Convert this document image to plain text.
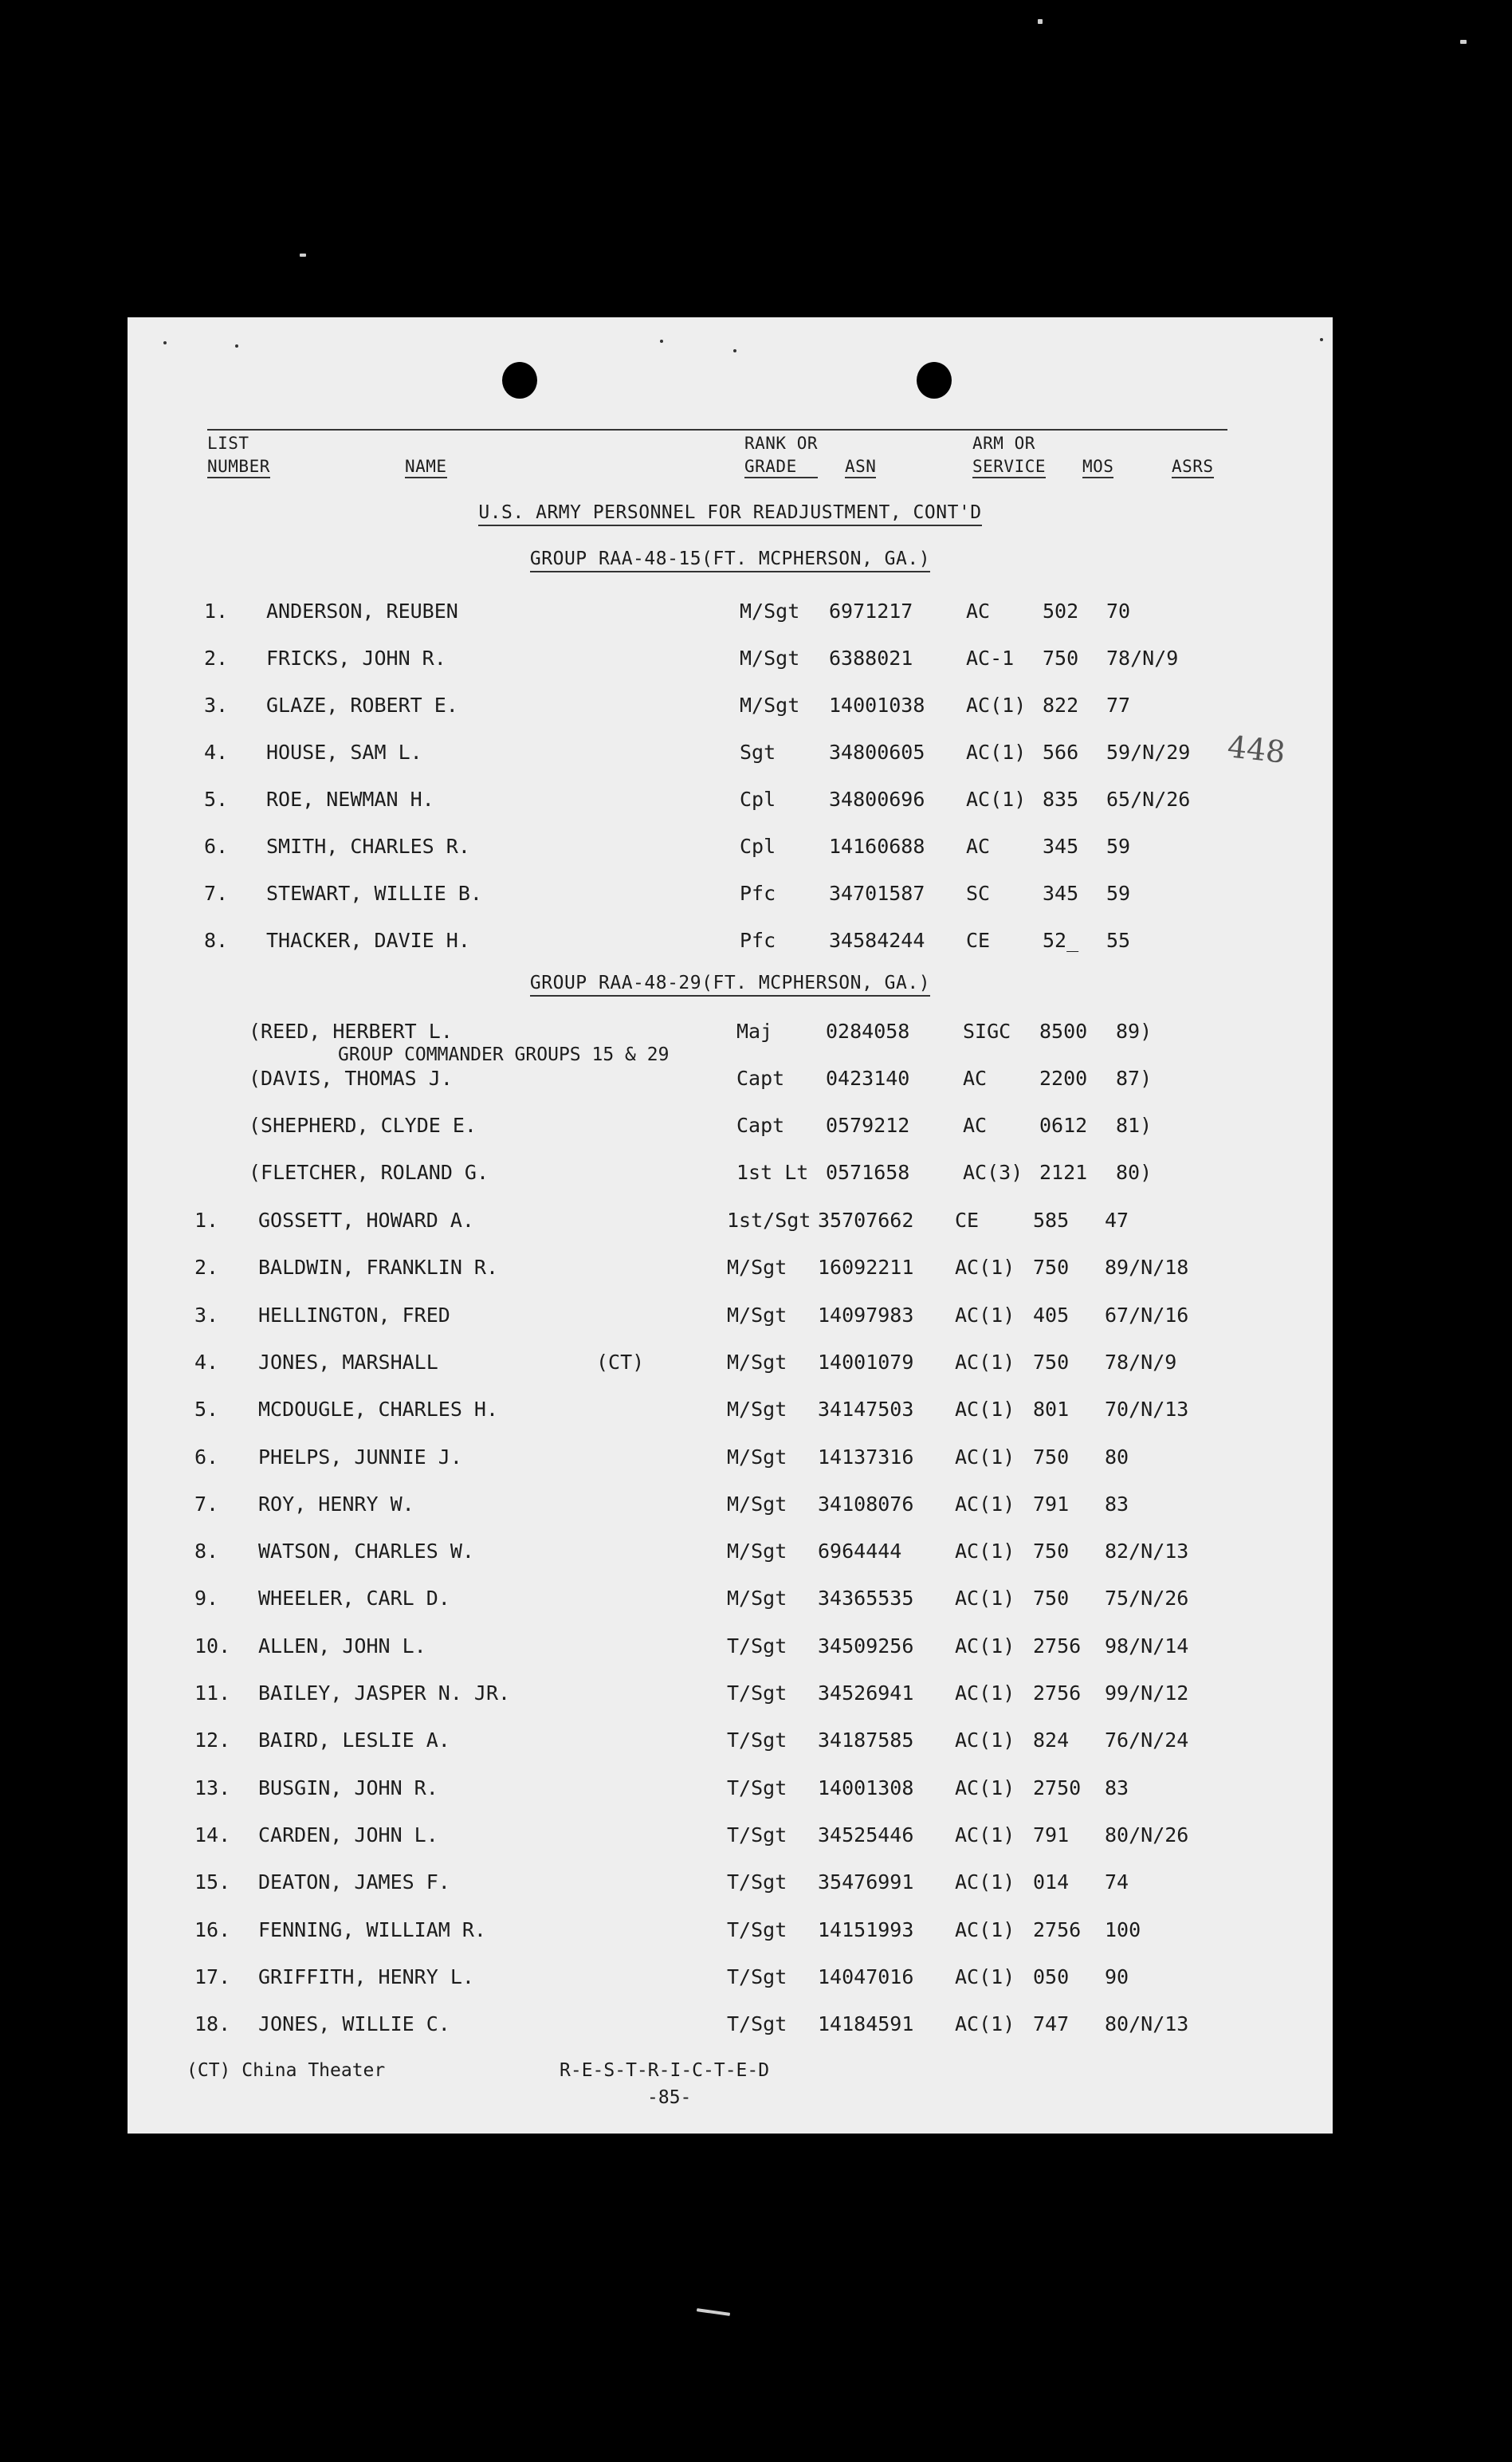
LIST
NUMBER	NAME
RANK OR
GRADE	ASN
ARM OR
SERVICE MOS	ASRS
U.S. ARMY PERSONNEL FOR READJUSTMENT, CONT'D
GROUP RAA-48-15(FT. MCPHERSON, GA.)
1. ANDERSON, REUBEN	M/Sgt 6971217	AC	502 70
2. FRICKS, JOHN R.	M/Sgt 6388021	AC-1 750 78/N/9
3. GLAZE, ROBERT E.	M/Sgt 14001038 AC(1) 822 77
4. HOUSE, SAM L.	Sgt	34800605 AC(1) 566 59/N/29
5. ROE, NEWMAN H.	Cpl	34800696 AC(1) 835 65/N/26
6. SMITH, CHARLES R.	Cpl	14160688 AC	345 59
7. STEWART, WILLIE B.	Pfc	34701587 SC	345 59
8. THACKER, DAVIE H.	Pfc	34584244 CE	52_ 55
448
GROUP RAA-48-29(FT. MCPHERSON, GA.)
(REED, HERBERT L.	Maj	0284058	SIGC 8500 89)
(DAVIS, THOMAS J.	Capt 0423140	AC	2200 87)
(SHEPHERD, CLYDE E.	Capt 0579212	AC	0612 81)
(FLETCHER, ROLAND G.	1st Lt 0571658	AC(3) 2121 80)
GROUP COMMANDER GROUPS 15 & 29
1. GOSSETT, HOWARD A.	1st/Sgt 35707662 CE	585 47
2. BALDWIN, FRANKLIN R.	M/Sgt 16092211 AC(1) 750 89/N/18
3. HELLINGTON, FRED	M/Sgt 14097983 AC(1) 405 67/N/16
4. JONES, MARSHALL	(CT)	M/Sgt 14001079 AC(1) 750 78/N/9
5. MCDOUGLE, CHARLES H.	M/Sgt 34147503 AC(1) 801 70/N/13
6. PHELPS, JUNNIE J.	M/Sgt 14137316 AC(1) 750 80
7. ROY, HENRY W.	M/Sgt 34108076 AC(1) 791 83
8. WATSON, CHARLES W.	M/Sgt 6964444	AC(1) 750 82/N/13
9. WHEELER, CARL D.	M/Sgt 34365535 AC(1) 750 75/N/26
10. ALLEN, JOHN L.	T/Sgt 34509256 AC(1) 2756 98/N/14
11. BAILEY, JASPER N. JR.	T/Sgt 34526941 AC(1) 2756 99/N/12
12. BAIRD, LESLIE A.	T/Sgt 34187585 AC(1) 824 76/N/24
13. BUSGIN, JOHN R.	T/Sgt 14001308 AC(1) 2750 83
14. CARDEN, JOHN L.	T/Sgt 34525446 AC(1) 791 80/N/26
15. DEATON, JAMES F.	T/Sgt 35476991 AC(1) 014 74
16. FENNING, WILLIAM R.	T/Sgt 14151993 AC(1) 2756 100
17. GRIFFITH, HENRY L.	T/Sgt 14047016 AC(1) 050 90
18. JONES, WILLIE C.	T/Sgt 14184591 AC(1) 747 80/N/13
(CT) China Theater	R-E-S-T-R-I-C-T-E-D
-85-
